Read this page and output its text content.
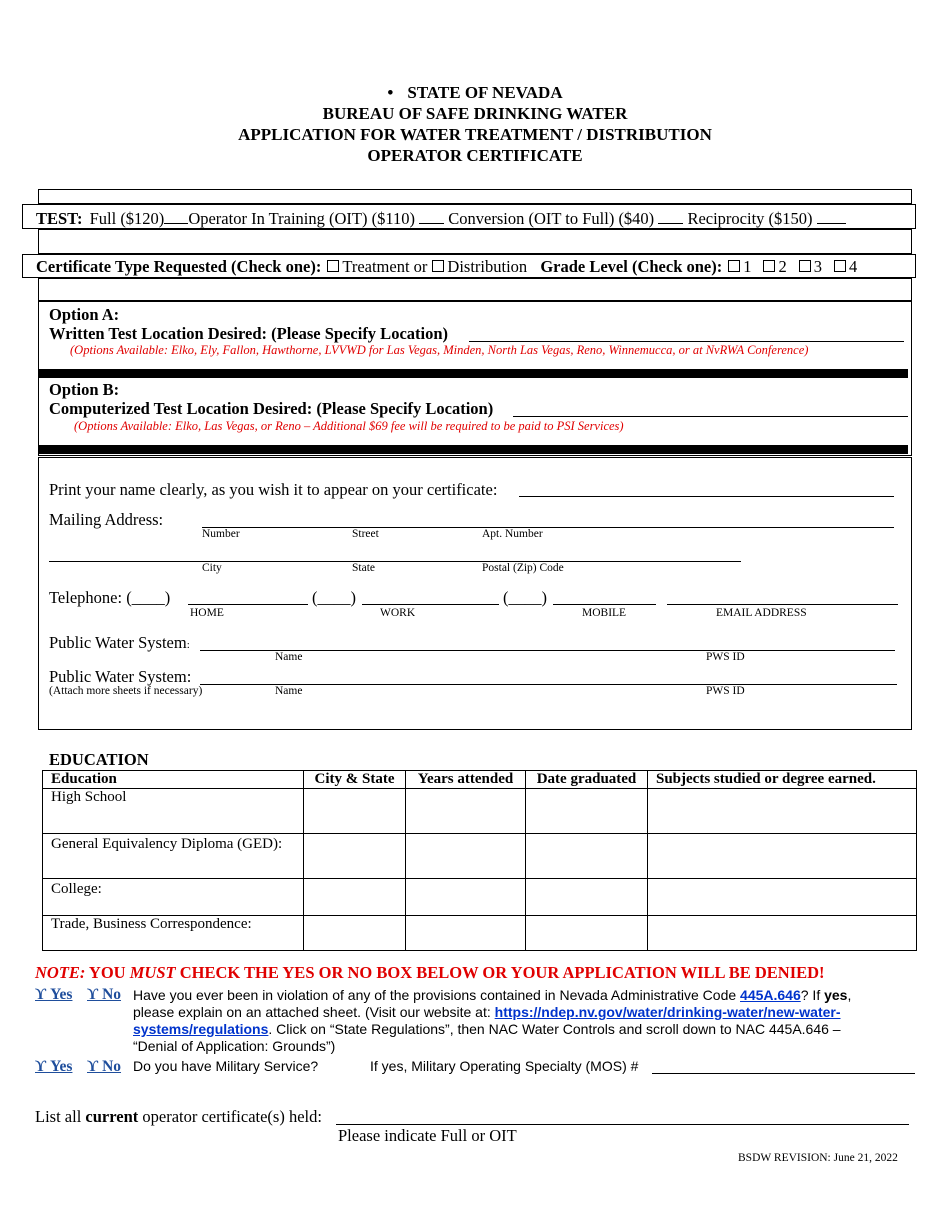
• STATE OF NEVADA
BUREAU OF SAFE DRINKING WATER
APPLICATION FOR WATER TREATMENT / DISTRIBUTION
OPERATOR CERTIFICATE
TEST: Full ($120) Operator In Training (OIT) ($110) Conversion (OIT to Full) ($40) Reciprocity ($150)
Certificate Type Requested (Check one): Treatment or Distribution Grade Level (Check one): 1 2 3 4
Option A:
Written Test Location Desired: (Please Specify Location)
(Options Available: Elko, Ely, Fallon, Hawthorne, LVVWD for Las Vegas, Minden, North Las Vegas, Reno, Winnemucca, or at NvRWA Conference)
Option B:
Computerized Test Location Desired: (Please Specify Location)
(Options Available: Elko, Las Vegas, or Reno – Additional $69 fee will be required to be paid to PSI Services)
Print your name clearly, as you wish it to appear on your certificate:
Mailing Address:
Number	Street	Apt. Number
City	State	Postal (Zip) Code
Telephone: (____)	(____)	(____)
HOME	WORK	MOBILE	EMAIL ADDRESS
Public Water System:
Name	PWS ID
Public Water System:
(Attach more sheets if necessary)	Name	PWS ID
EDUCATION
Education	City & State	Years attended	Date graduated	Subjects studied or degree earned.
High School				
General Equivalency Diploma (GED):				
College:				
Trade, Business Correspondence:				
NOTE: YOU MUST CHECK THE YES OR NO BOX BELOW OR YOUR APPLICATION WILL BE DENIED!
ϒ Yes ϒ No Have you ever been in violation of any of the provisions contained in Nevada Administrative Code 445A.646? If yes,
please explain on an attached sheet. (Visit our website at: https://ndep.nv.gov/water/drinking-water/new-water-
systems/regulations. Click on “State Regulations”, then NAC Water Controls and scroll down to NAC 445A.646 –
“Denial of Application: Grounds”)
ϒ Yes ϒ No Do you have Military Service?	If yes, Military Operating Specialty (MOS) #
List all current operator certificate(s) held:
Please indicate Full or OIT
BSDW REVISION: June 21, 2022
